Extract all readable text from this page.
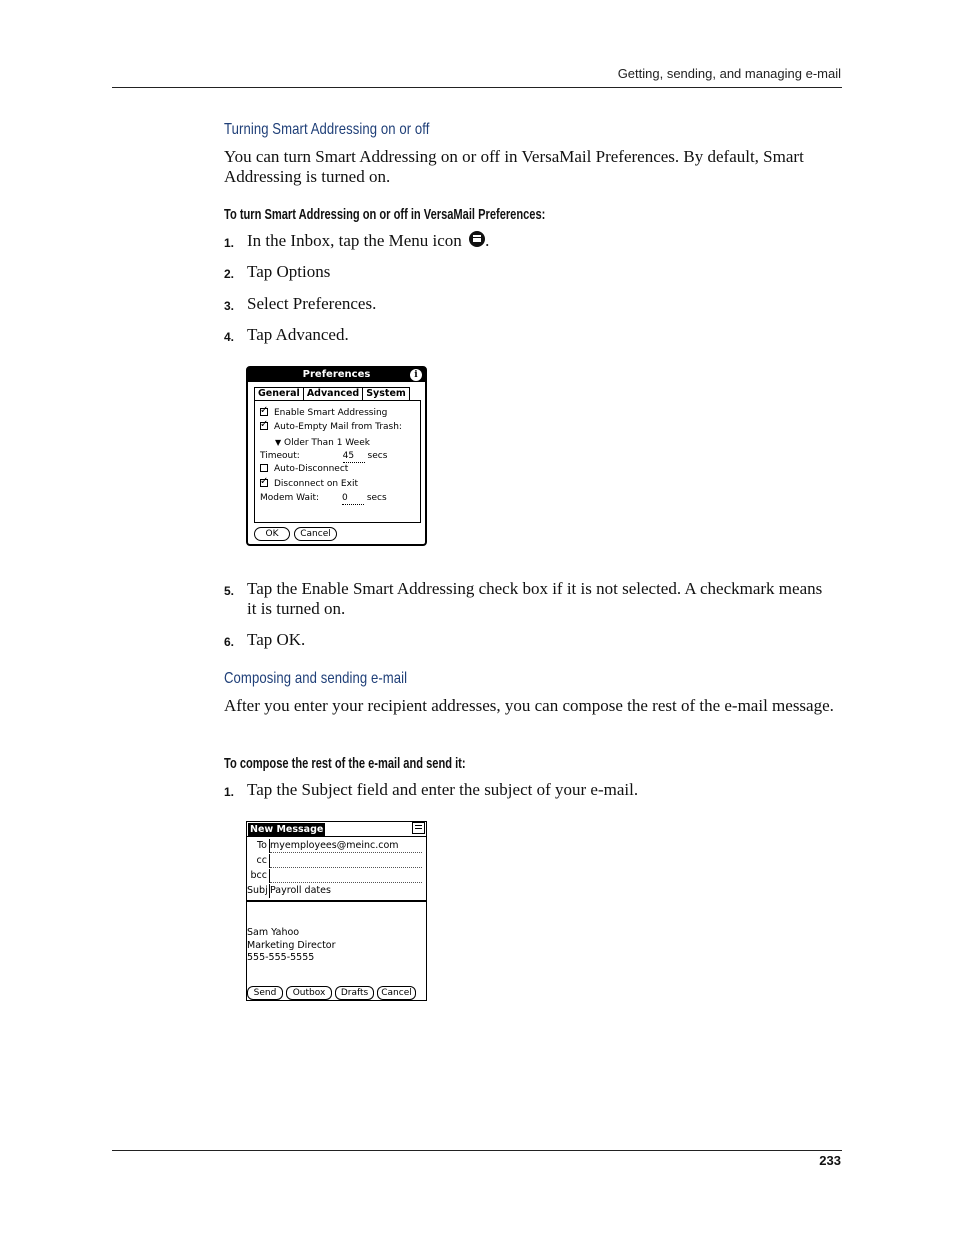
Getting, sending, and managing e-mail
Turning Smart Addressing on or off
You can turn Smart Addressing on or off in VersaMail Preferences. By default, Smart Addressing is turned on.
To turn Smart Addressing on or off in VersaMail Preferences:
1. In the Inbox, tap the Menu icon .
2. Tap Options
3. Select Preferences.
4. Tap Advanced.
Preferences	i
General Advanced System
✓Enable Smart Addressing
✓Auto-Empty Mail from Trash:
▼ Older Than 1 Week
Timeout:	45 secs
Auto-Disconnect
✓Disconnect on Exit
Modem Wait:	0 secs
OK	Cancel
5. Tap the Enable Smart Addressing check box if it is not selected. A checkmark means it is turned on.
6. Tap OK.
Composing and sending e-mail
After you enter your recipient addresses, you can compose the rest of the e-mail message.
To compose the rest of the e-mail and send it:
1. Tap the Subject field and enter the subject of your e-mail.
New Message
To myemployees@meinc.com
cc
bcc
Subj Payroll dates
Sam Yahoo
Marketing Director
555-555-5555
Send	Outbox	Drafts	Cancel
233
